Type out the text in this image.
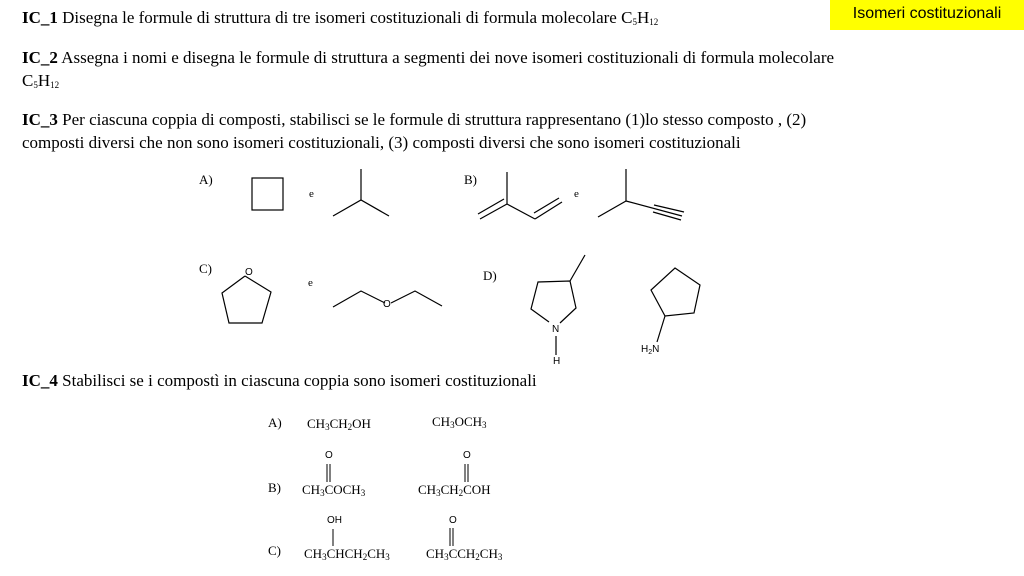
Isomeri costituzionali
IC_1 Disegna le formule di struttura di tre isomeri costituzionali di formula molecolare $C_5H_{12}$
IC_2 Assegna i nomi e disegna le formule di struttura a segmenti dei nove isomeri costituzionali di formula molecolare
$C_5H_{12}$
IC_3 Per ciascuna coppia di composti, stabilisci se le formule di struttura rappresentano (1)lo stesso composto , (2)
composti diversi che non sono isomeri costituzionali, (3) composti diversi che sono isomeri costituzionali
A)
e
B)
e
C)
e	D)
O
O
N
H
$H_2N$
IC_4 Stabilisci se i compostì in ciascuna coppia sono isomeri costituzionali
A) $CH_3CH_2OH$	$CH_3OCH_3$
B)
O	O
$CH_3COCH_3$	$CH_3CH_2COH$
C)
OH	O
$CH_3CHCH_2CH_3$	$CH_3CCH_2CH_3$
